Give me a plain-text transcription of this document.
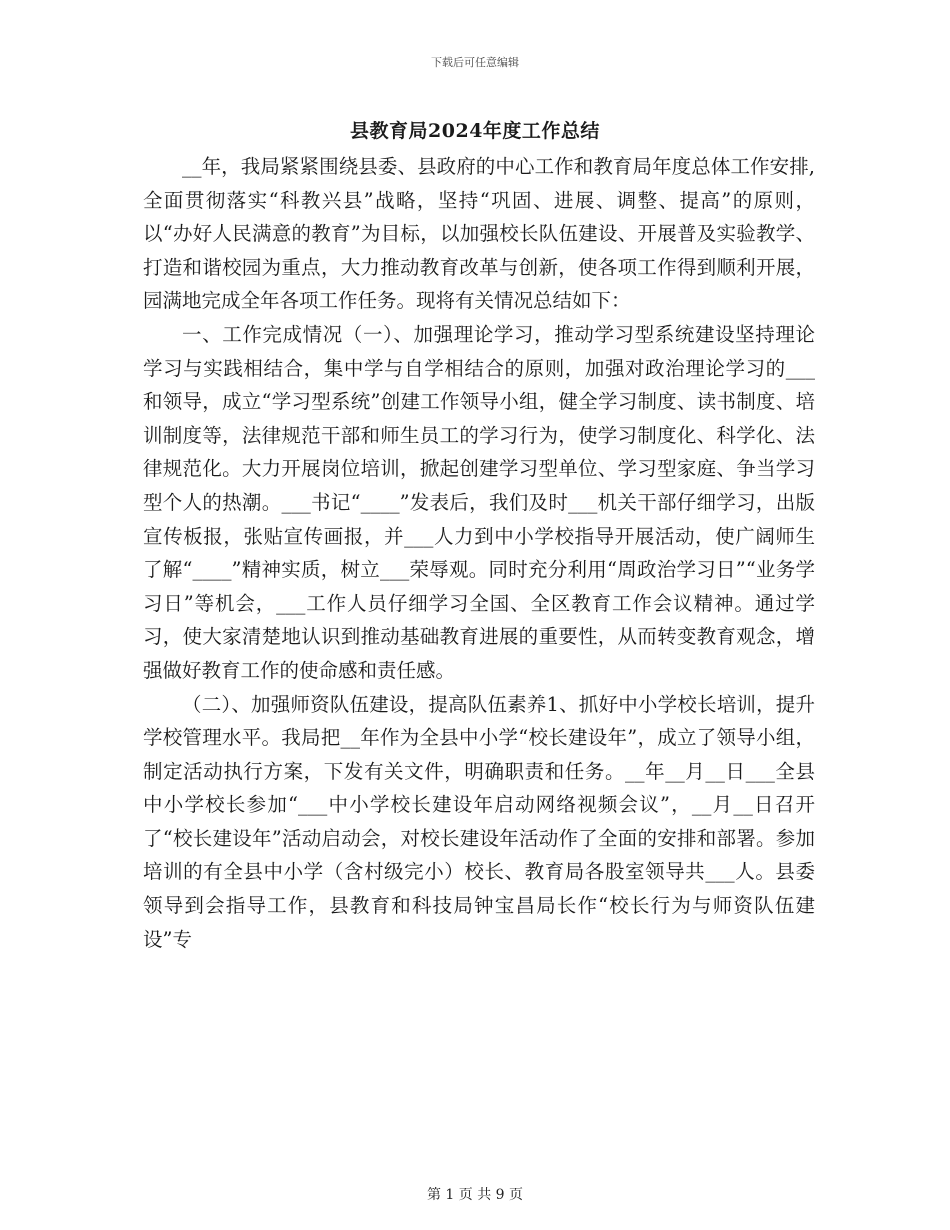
下载后可任意编辑
县教育局2024年度工作总结

__年，我局紧紧围绕县委、县政府的中心工作和教育局年度总体工作安排,全面贯彻落实“科教兴县”战略，坚持“巩固、进展、调整、提高”的原则，以“办好人民满意的教育”为目标，以加强校长队伍建设、开展普及实验教学、打造和谐校园为重点，大力推动教育改革与创新，使各项工作得到顺利开展，园满地完成全年各项工作任务。现将有关情况总结如下：

一、工作完成情况（一）、加强理论学习，推动学习型系统建设坚持理论学习与实践相结合，集中学与自学相结合的原则，加强对政治理论学习的___和领导，成立“学习型系统”创建工作领导小组，健全学习制度、读书制度、培训制度等，法律规范干部和师生员工的学习行为，使学习制度化、科学化、法律规范化。大力开展岗位培训，掀起创建学习型单位、学习型家庭、争当学习型个人的热潮。___书记“____”发表后，我们及时___机关干部仔细学习，出版宣传板报，张贴宣传画报，并___人力到中小学校指导开展活动，使广阔师生了解“____”精神实质，树立___荣辱观。同时充分利用“周政治学习日”“业务学习日”等机会，___工作人员仔细学习全国、全区教育工作会议精神。通过学习，使大家清楚地认识到推动基础教育进展的重要性，从而转变教育观念，增强做好教育工作的使命感和责任感。

（二）、加强师资队伍建设，提高队伍素养1、抓好中小学校长培训，提升学校管理水平。我局把__年作为全县中小学“校长建设年”，成立了领导小组，制定活动执行方案，下发有关文件，明确职责和任务。__年__月__日___全县中小学校长参加“___中小学校长建设年启动网络视频会议”，__月__日召开了“校长建设年”活动启动会，对校长建设年活动作了全面的安排和部署。参加培训的有全县中小学（含村级完小）校长、教育局各股室领导共___人。县委领导到会指导工作，县教育和科技局钟宝昌局长作“校长行为与师资队伍建设”专

第 1 页 共 9 页
